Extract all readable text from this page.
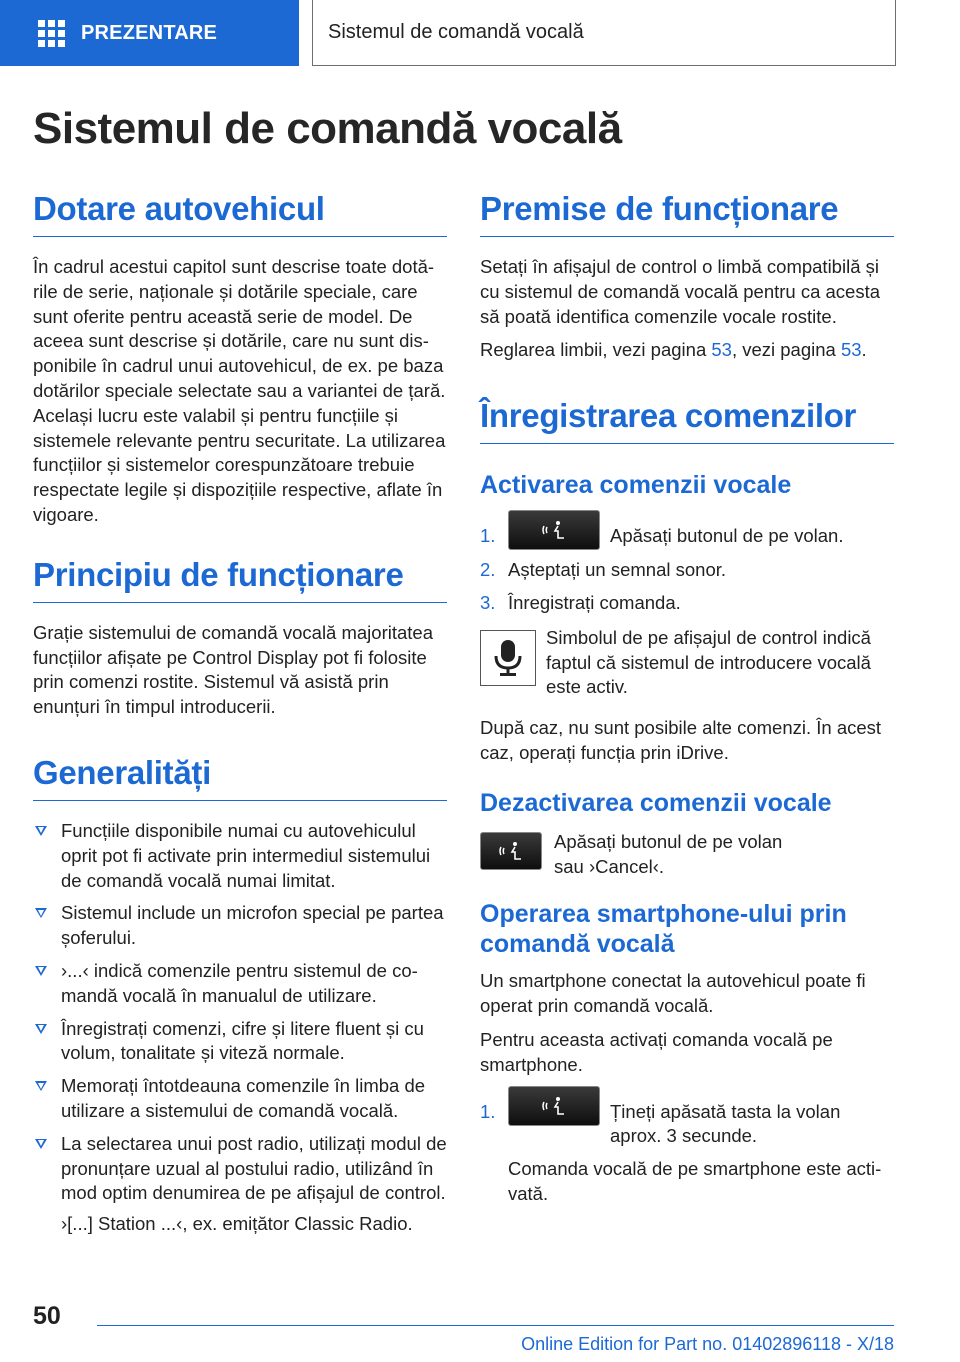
PREZENTARE	Sistemul de comandă vocală
Sistemul de comandă vocală
Dotare autovehicul

În cadrul acestui capitol sunt descrise toate dotările de serie, naționale și dotările speciale, care sunt oferite pentru această serie de model. De aceea sunt descrise și dotările, care nu sunt disponibile în cadrul unui autovehicul, de ex. pe baza dotărilor speciale selectate sau a variantei de țară. Același lucru este valabil și pentru funcțiile și sistemele relevante pentru securitate. La utilizarea funcțiilor și sistemelor corespunzătoare trebuie respectate legile și dispozițiile respective, aflate în vigoare.

Principiu de funcționare

Grație sistemului de comandă vocală majoritatea funcțiilor afișate pe Control Display pot fi folosite prin comenzi rostite. Sistemul vă asistă prin enunțuri în timpul introducerii.

Generalități
Funcțiile disponibile numai cu autovehiculul oprit pot fi activate prin intermediul sistemului de comandă vocală numai limitat.
Sistemul include un microfon special pe partea șoferului.
›...‹ indică comenzile pentru sistemul de comandă vocală în manualul de utilizare.
Înregistrați comenzi, cifre și litere fluent și cu volum, tonalitate și viteză normale.
Memorați întotdeauna comenzile în limba de utilizare a sistemului de comandă vocală.
La selectarea unui post radio, utilizați modul de pronunțare uzual al postului radio, utilizând în mod optim denumirea de pe afișajul de control.
›[...] Station ...‹, ex. emițător Classic Radio.
Premise de funcționare

Setați în afișajul de control o limbă compatibilă și cu sistemul de comandă vocală pentru ca acesta să poată identifica comenzile vocale rostite.

Reglarea limbii, vezi pagina 53, vezi pagina 53.

Înregistrarea comenzilor
Activarea comenzii vocale
1.	Apăsați butonul de pe volan.
2. Așteptați un semnal sonor.
3. Înregistrați comanda.
Simbolul de pe afișajul de control indică faptul că sistemul de introducere vocală este activ.

După caz, nu sunt posibile alte comenzi. În acest caz, operați funcția prin iDrive.

Dezactivarea comenzii vocale
Apăsați butonul de pe volan
sau ›Cancel‹.
Operarea smartphone-ului prin comandă vocală

Un smartphone conectat la autovehicul poate fi operat prin comandă vocală.

Pentru aceasta activați comanda vocală pe smartphone.

1.	Țineți apăsată tasta la volan aprox. 3 secunde.
Comanda vocală de pe smartphone este activată.
50
Online Edition for Part no. 01402896118 - X/18
